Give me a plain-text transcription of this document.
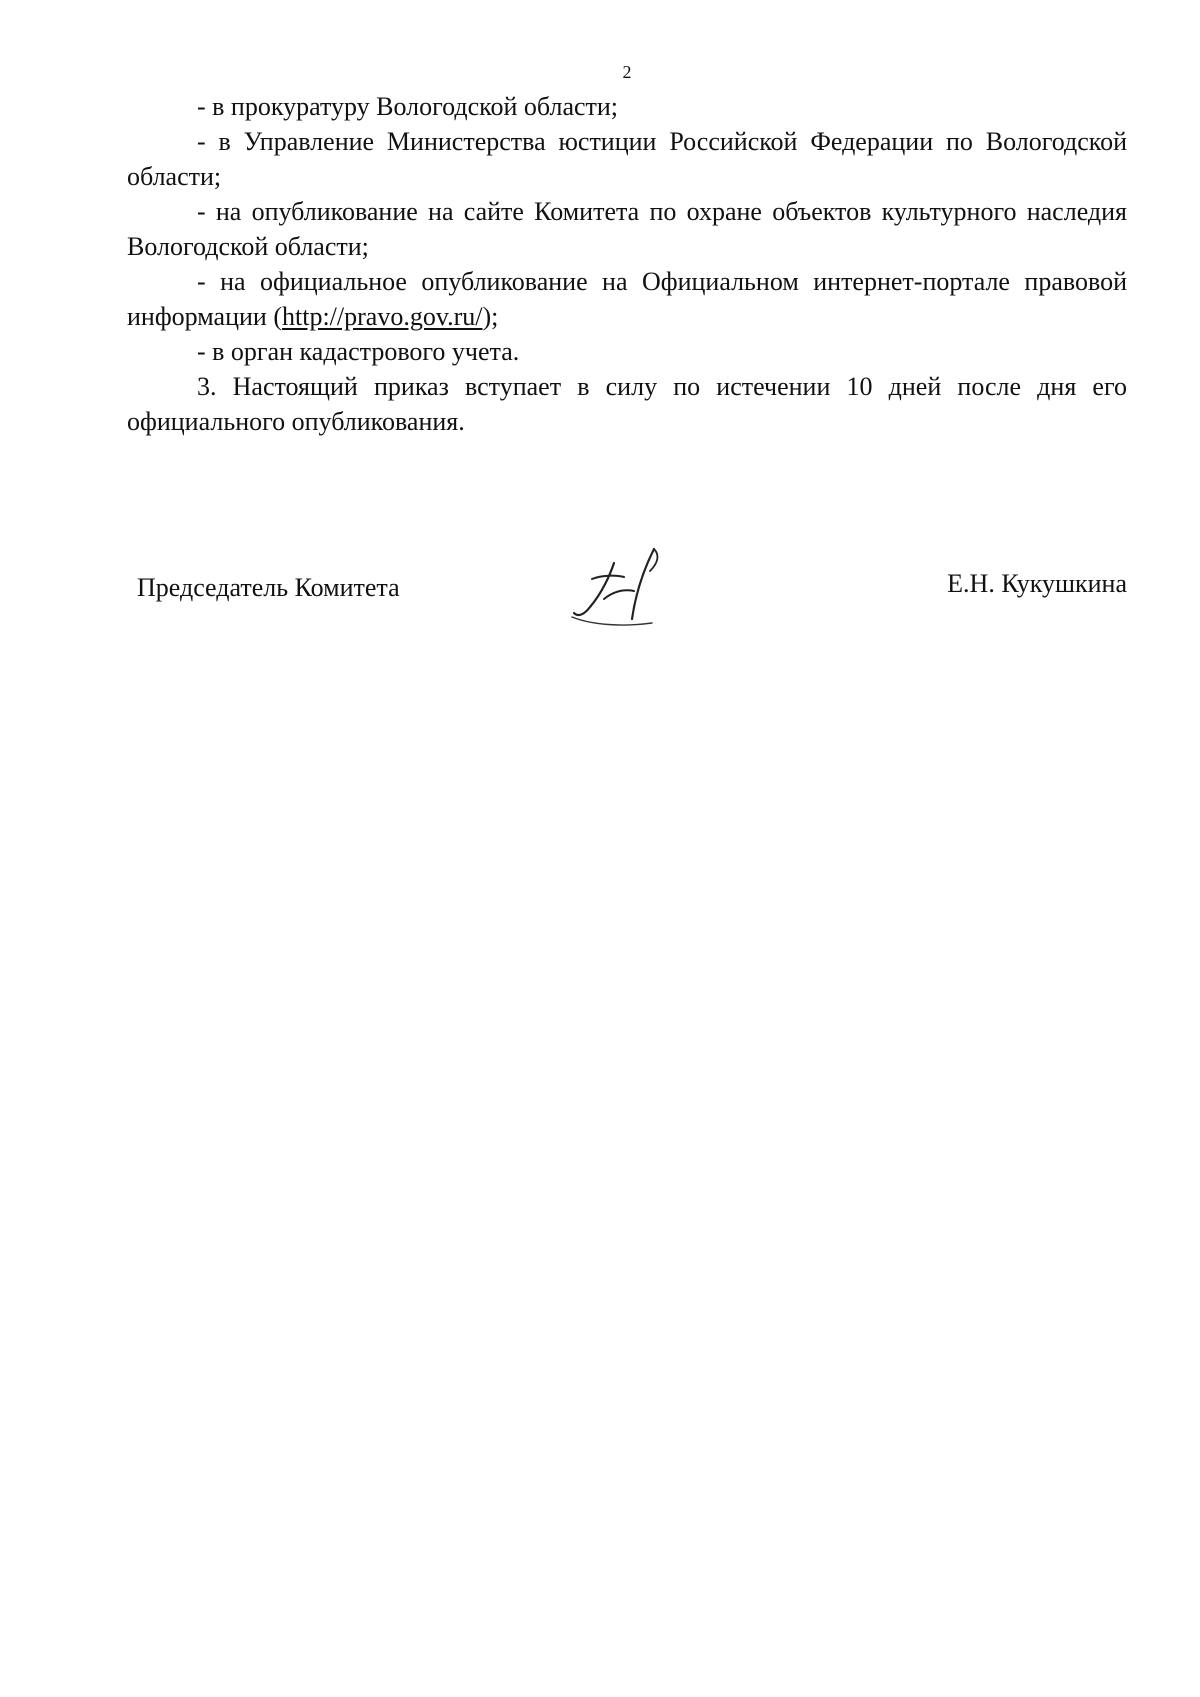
2

- в прокуратуру Вологодской области;

- в Управление Министерства юстиции Российской Федерации по Вологодской области;

- на опубликование на сайте Комитета по охране объектов культурного наследия Вологодской области;

- на официальное опубликование на Официальном интернет-портале правовой информации (http://pravo.gov.ru/);

- в орган кадастрового учета.

3. Настоящий приказ вступает в силу по истечении 10 дней после дня его официального опубликования.

Председатель Комитета	Е.Н. Кукушкина
